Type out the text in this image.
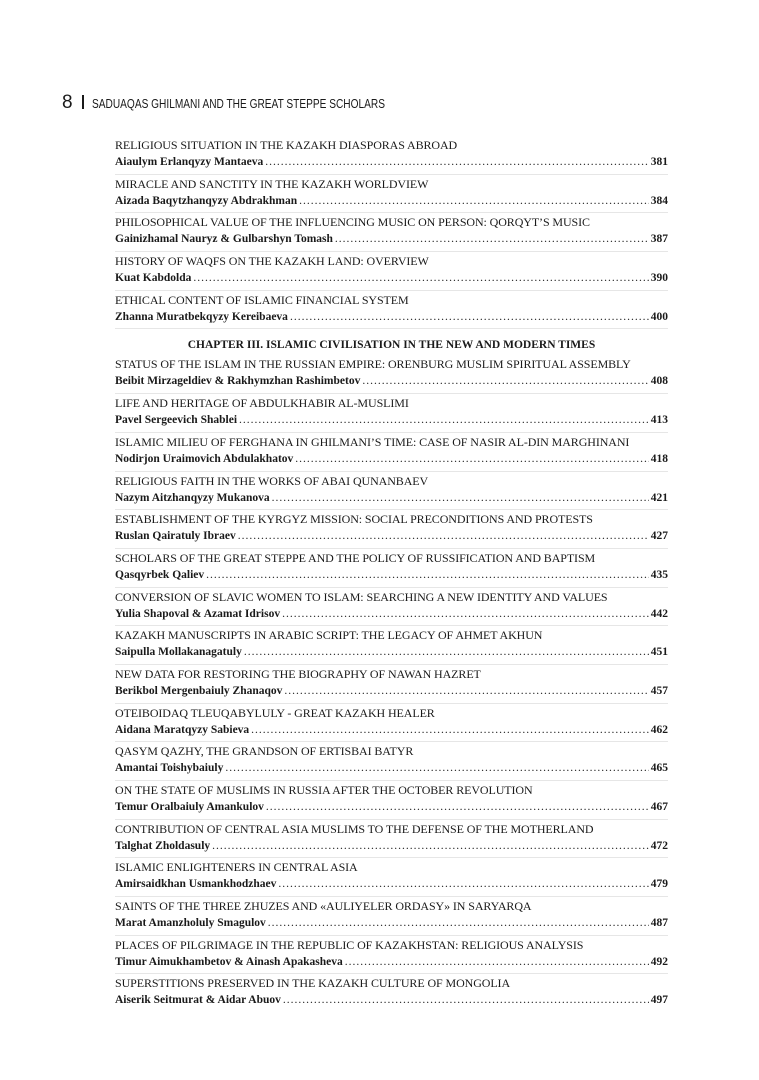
8 SADUAQAS GHILMANI AND THE GREAT STEPPE SCHOLARS
RELIGIOUS SITUATION IN THE KAZAKH DIASPORAS ABROAD
Aiaulym Erlanqyzy Mantaeva .....	381
MIRACLE AND SANCTITY IN THE KAZAKH WORLDVIEW
Aizada Baqytzhanqyzy Abdrakhman .....	384
PHILOSOPHICAL VALUE OF THE INFLUENCING MUSIC ON PERSON: QORQYT’S MUSIC
Gainizhamal Nauryz & Gulbarshyn Tomash .....	387
HISTORY OF WAQFS ON THE KAZAKH LAND: OVERVIEW
Kuat Kabdolda .....	390
ETHICAL CONTENT OF ISLAMIC FINANCIAL SYSTEM
Zhanna Muratbekqyzy Kereibaeva .....	400
CHAPTER III. ISLAMIC CIVILISATION IN THE NEW AND MODERN TIMES
STATUS OF THE ISLAM IN THE RUSSIAN EMPIRE: ORENBURG MUSLIM SPIRITUAL ASSEMBLY
Beibit Mirzageldiev & Rakhymzhan Rashimbetov .....	408
LIFE AND HERITAGE OF ABDULKHABIR AL-MUSLIMI
Pavel Sergeevich Shablei .....	413
ISLAMIC MILIEU OF FERGHANA IN GHILMANI’S TIME: CASE OF NASIR AL-DIN MARGHINANI
Nodirjon Uraimovich Abdulakhatov .....	418
RELIGIOUS FAITH IN THE WORKS OF ABAI QUNANBAEV
Nazym Aitzhanqyzy Mukanova .....	421
ESTABLISHMENT OF THE KYRGYZ MISSION: SOCIAL PRECONDITIONS AND PROTESTS
Ruslan Qairatuly Ibraev .....	427
SCHOLARS OF THE GREAT STEPPE AND THE POLICY OF RUSSIFICATION AND BAPTISM
Qasqyrbek Qaliev .....	435
CONVERSION OF SLAVIC WOMEN TO ISLAM: SEARCHING A NEW IDENTITY AND VALUES
Yulia Shapoval & Azamat Idrisov .....	442
KAZAKH MANUSCRIPTS IN ARABIC SCRIPT: THE LEGACY OF AHMET AKHUN
Saipulla Mollakanagatuly .....	451
NEW DATA FOR RESTORING THE BIOGRAPHY OF NAWAN HAZRET
Berikbol Mergenbaiuly Zhanaqov .....	457
OTEIBOIDAQ TLEUQABYLULY - GREAT KAZAKH HEALER
Aidana Maratqyzy Sabieva .....	462
QASYM QAZHY, THE GRANDSON OF ERTISBAI BATYR
Amantai Toishybaiuly .....	465
ON THE STATE OF MUSLIMS IN RUSSIA AFTER THE OCTOBER REVOLUTION
Temur Oralbaiuly Amankulov .....	467
CONTRIBUTION OF CENTRAL ASIA MUSLIMS TO THE DEFENSE OF THE MOTHERLAND
Talghat Zholdasuly .....	472
ISLAMIC ENLIGHTENERS IN CENTRAL ASIA
Amirsaidkhan Usmankhodzhaev .....	479
SAINTS OF THE THREE ZHUZES AND «AULIYELER ORDASY» IN SARYARQA
Marat Amanzholuly Smagulov .....	487
PLACES OF PILGRIMAGE IN THE REPUBLIC OF KAZAKHSTAN: RELIGIOUS ANALYSIS
Timur Aimukhambetov & Ainash Apakasheva .....	492
SUPERSTITIONS PRESERVED IN THE KAZAKH CULTURE OF MONGOLIA
Aiserik Seitmurat & Aidar Abuov .....	497
